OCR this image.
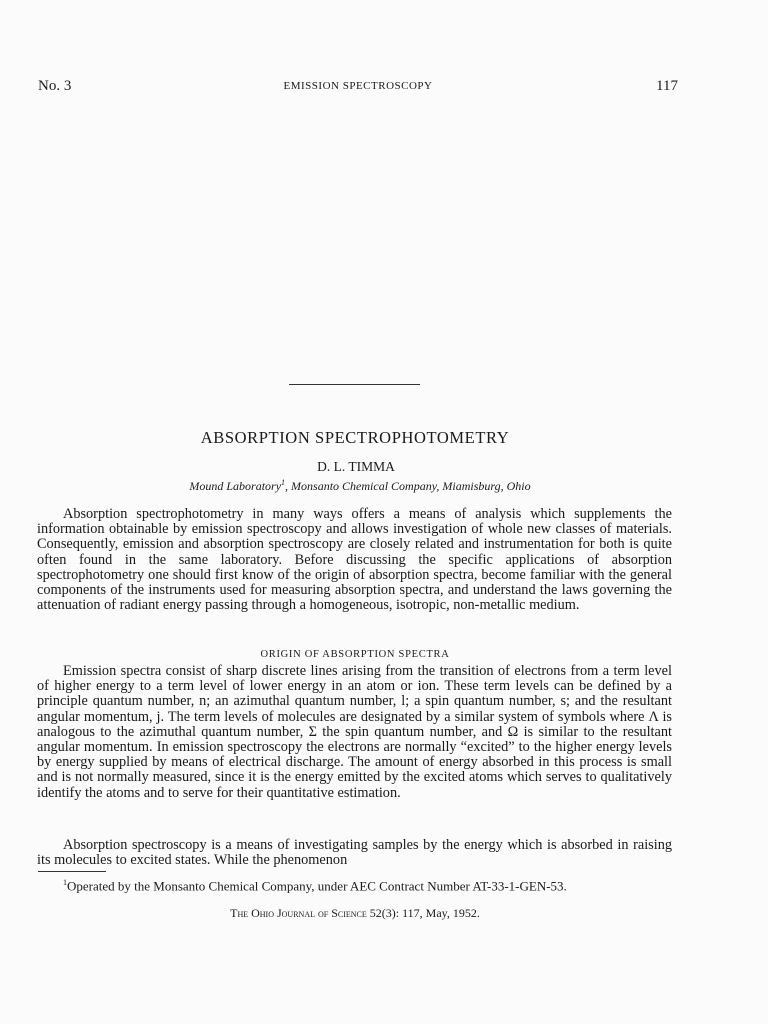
No. 3	EMISSION SPECTROSCOPY	117
ABSORPTION SPECTROPHOTOMETRY
D. L. TIMMA
Mound Laboratory$^1$, Monsanto Chemical Company, Miamisburg, Ohio

Absorption spectrophotometry in many ways offers a means of analysis which supplements the information obtainable by emission spectroscopy and allows investigation of whole new classes of materials. Consequently, emission and absorption spectroscopy are closely related and instrumentation for both is quite often found in the same laboratory. Before discussing the specific applications of absorption spectrophotometry one should first know of the origin of absorption spectra, become familiar with the general components of the instruments used for measuring absorption spectra, and understand the laws governing the attenuation of radiant energy passing through a homogeneous, isotropic, non-metallic medium.

ORIGIN OF ABSORPTION SPECTRA

Emission spectra consist of sharp discrete lines arising from the transition of electrons from a term level of higher energy to a term level of lower energy in an atom or ion. These term levels can be defined by a principle quantum number, n; an azimuthal quantum number, l; a spin quantum number, s; and the resultant angular momentum, j. The term levels of molecules are designated by a similar system of symbols where Λ is analogous to the azimuthal quantum number, Σ the spin quantum number, and Ω is similar to the resultant angular momentum. In emission spectroscopy the electrons are normally “excited” to the higher energy levels by energy supplied by means of electrical discharge. The amount of energy absorbed in this process is small and is not normally measured, since it is the energy emitted by the excited atoms which serves to qualitatively identify the atoms and to serve for their quantitative estimation.

Absorption spectroscopy is a means of investigating samples by the energy which is absorbed in raising its molecules to excited states. While the phenomenon

$^1$Operated by the Monsanto Chemical Company, under AEC Contract Number AT-33-1-GEN-53.

The Ohio Journal of Science 52(3): 117, May, 1952.
